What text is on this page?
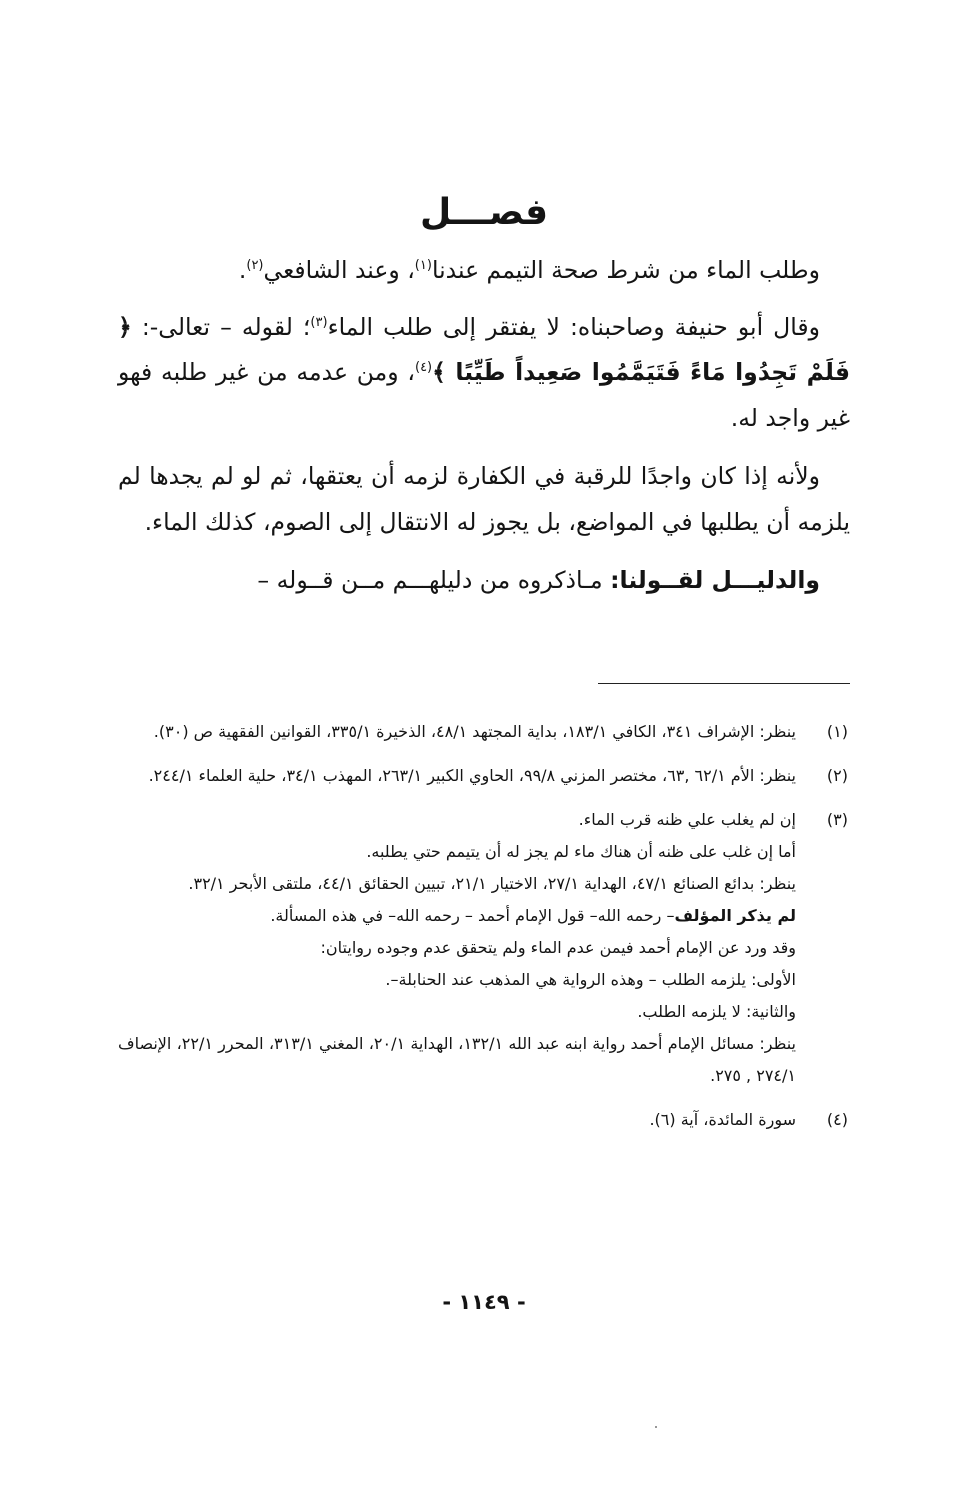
فصـــل

وطلب الماء من شرط صحة التيمم عندنا$^{(١)}$، وعند الشافعي$^{(٢)}$.

وقال أبو حنيفة وصاحبناه: لا يفتقر إلى طلب الماء$^{(٣)}$؛ لقوله – تعالى-: ﴿ فَلَمْ تَجِدُوا مَاءً فَتَيَمَّمُوا صَعِيداً طَيِّبًا ﴾$^{(٤)}$، ومن عدمه من غير طلبه فهو غير واجد له.

ولأنه إذا كان واجدًا للرقبة في الكفارة لزمه أن يعتقها، ثم لو لم يجدها لم يلزمه أن يطلبها في المواضع، بل يجوز له الانتقال إلى الصوم، كذلك الماء.

والدليـــل لقــولنا: مـاذكروه من دليلهـــم مــن قــوله –

(١)
ينظر: الإشراف ٣٤١، الكافي ١٨٣/١، بداية المجتهد ٤٨/١، الذخيرة ٣٣٥/١، القوانين الفقهية ص (٣٠).
(٢)
ينظر: الأم ٦٢/١ ,٦٣، مختصر المزني ٩٩/٨، الحاوي الكبير ٢٦٣/١، المهذب ٣٤/١، حلية العلماء ٢٤٤/١.
(٣)
إن لم يغلب علي ظنه قرب الماء.
أما إن غلب على ظنه أن هناك ماء لم يجز له أن يتيمم حتي يطلبه.
ينظر: بدائع الصنائع ٤٧/١، الهداية ٢٧/١، الاختيار ٢١/١، تبيين الحقائق ٤٤/١، ملتقى الأبحر ٣٢/١.
لم يذكر المؤلف– رحمه الله– قول الإمام أحمد – رحمه الله– في هذه المسألة.
وقد ورد عن الإمام أحمد فيمن عدم الماء ولم يتحقق عدم وجوده روايتان:
الأولى: يلزمه الطلب – وهذه الرواية هي المذهب عند الحنابلة–.
والثانية: لا يلزمه الطلب.
ينظر: مسائل الإمام أحمد رواية ابنه عبد الله ١٣٢/١، الهداية ٢٠/١، المغني ٣١٣/١، المحرر ٢٢/١، الإنصاف ٢٧٤/١ , ٢٧٥.
(٤)
سورة المائدة، آية (٦).
- ١١٤٩ -
